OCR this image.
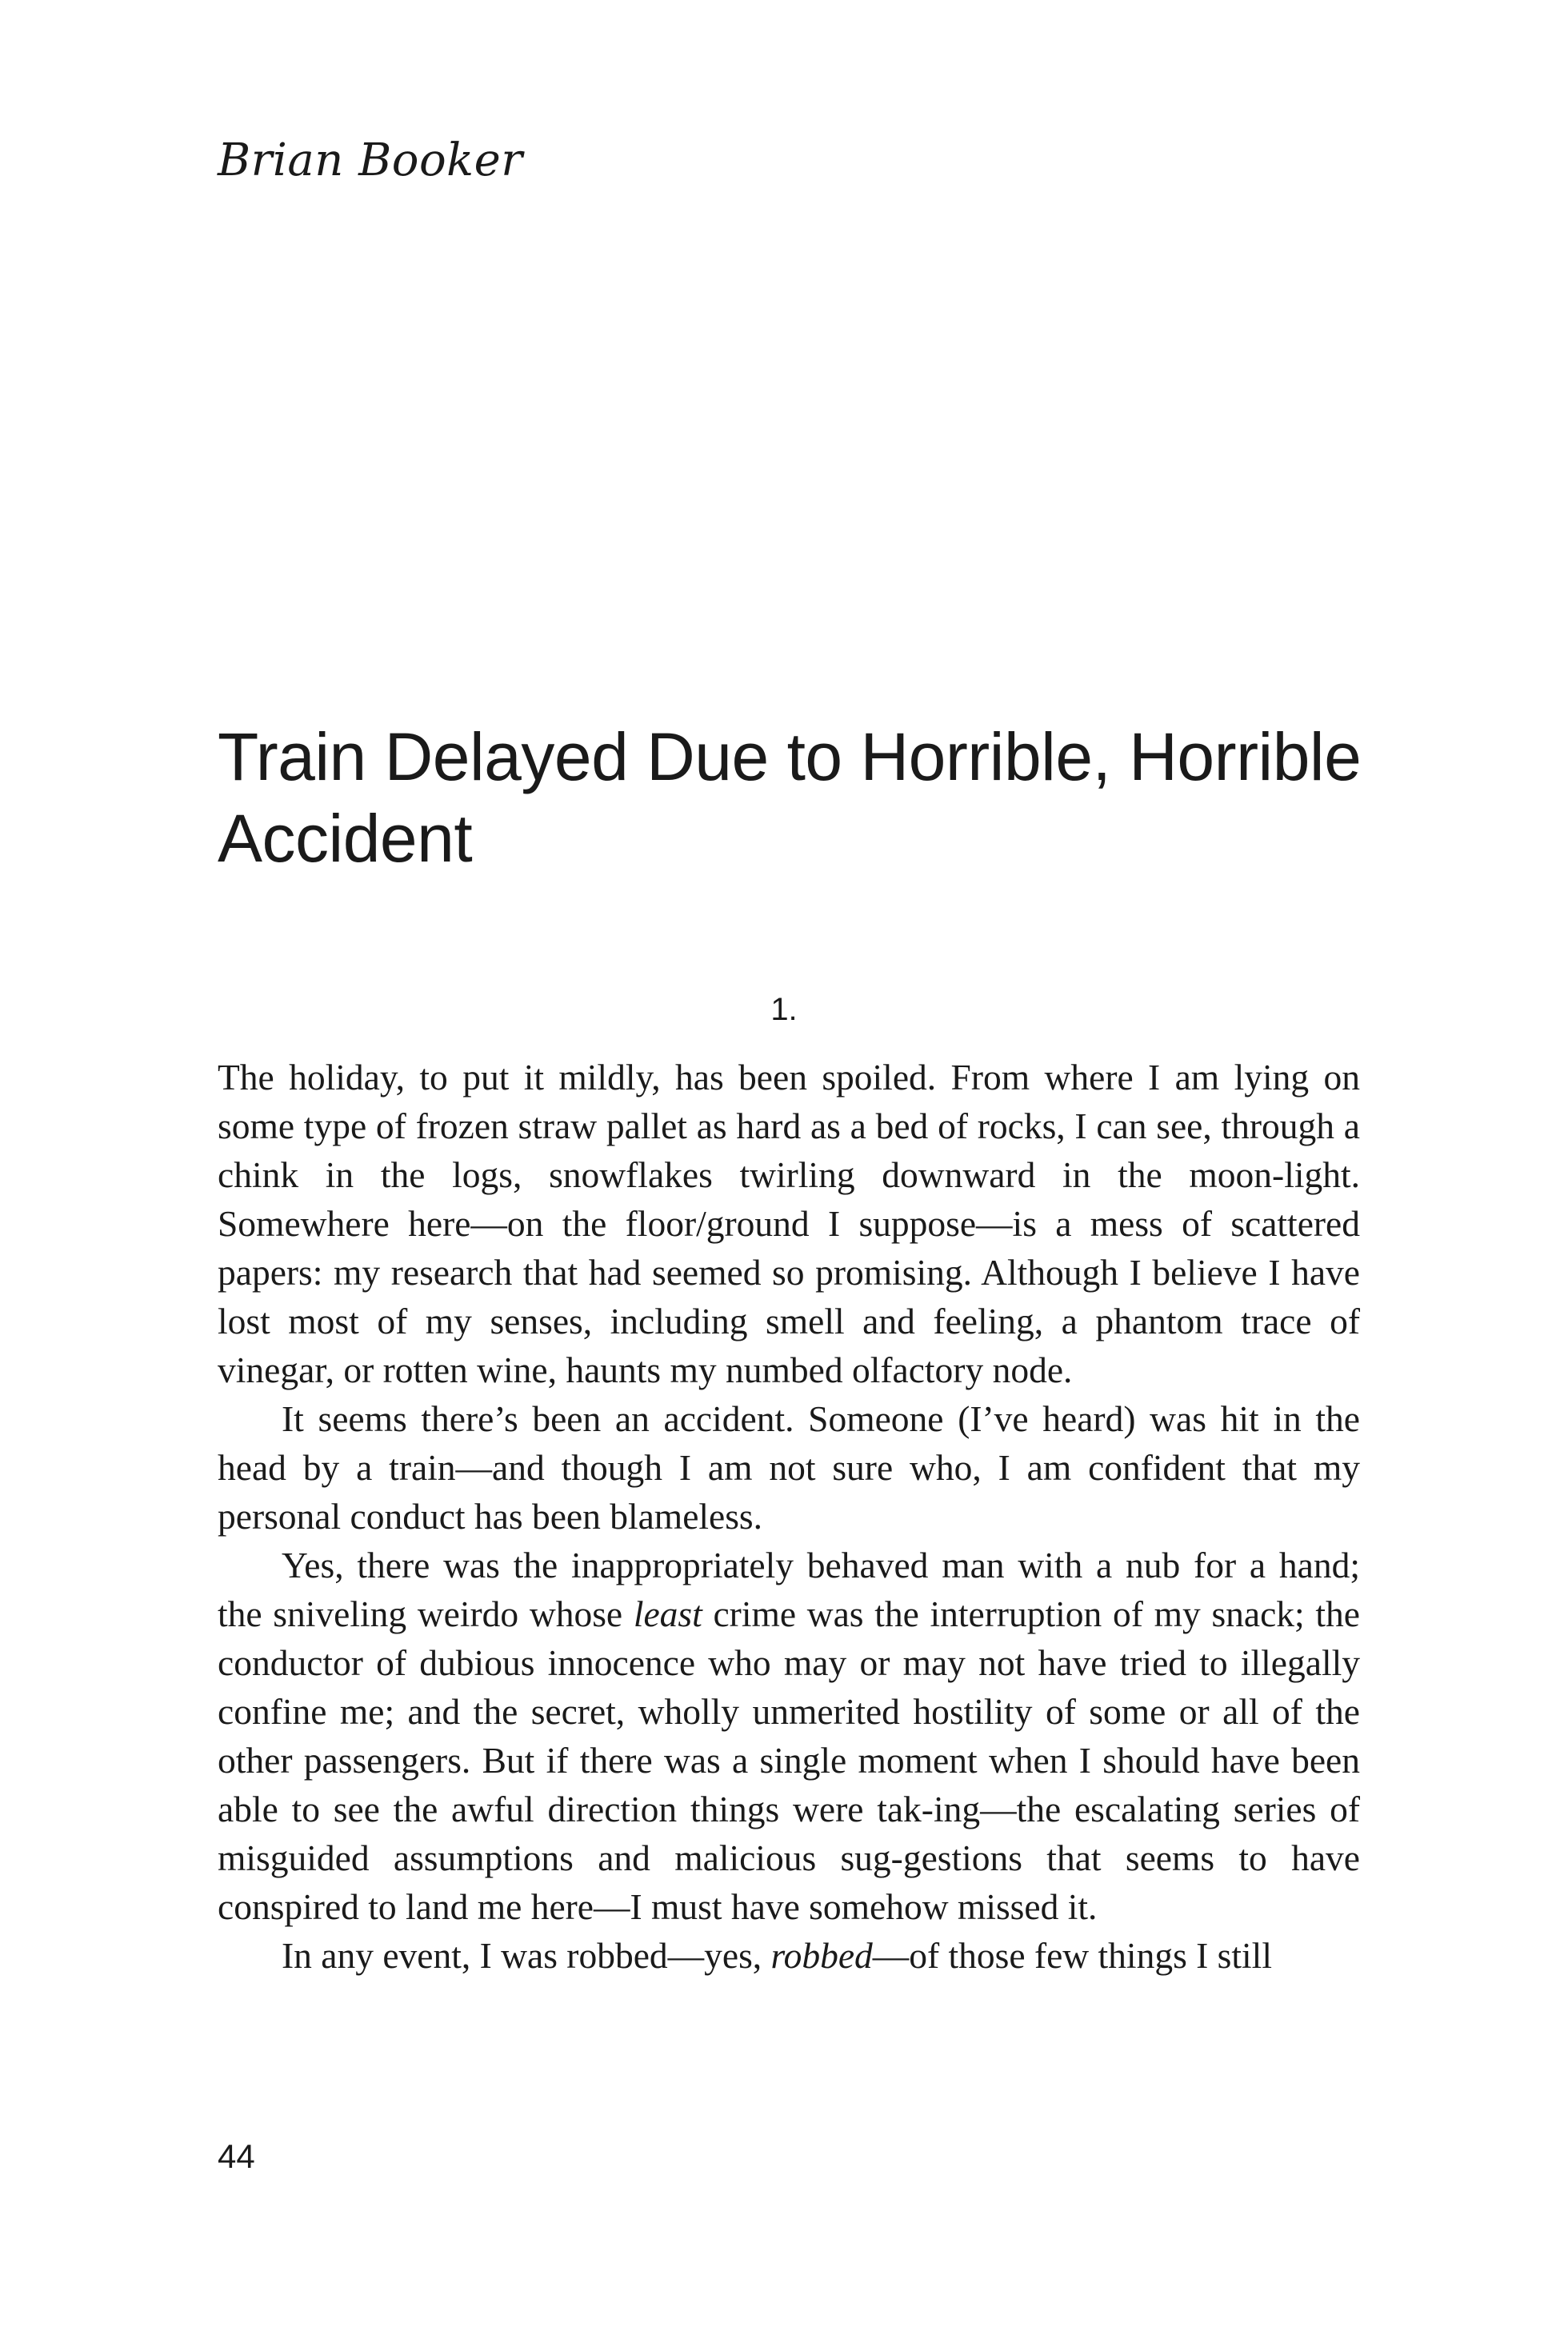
Brian Booker
Train Delayed Due to Horrible, Horrible Accident
1.

The holiday, to put it mildly, has been spoiled. From where I am lying on some type of frozen straw pallet as hard as a bed of rocks, I can see, through a chink in the logs, snowflakes twirling downward in the moon-light. Somewhere here—on the floor/ground I suppose—is a mess of scattered papers: my research that had seemed so promising. Although I believe I have lost most of my senses, including smell and feeling, a phantom trace of vinegar, or rotten wine, haunts my numbed olfactory node.

It seems there’s been an accident. Someone (I’ve heard) was hit in the head by a train—and though I am not sure who, I am confident that my personal conduct has been blameless.

Yes, there was the inappropriately behaved man with a nub for a hand; the sniveling weirdo whose least crime was the interruption of my snack; the conductor of dubious innocence who may or may not have tried to illegally confine me; and the secret, wholly unmerited hostility of some or all of the other passengers. But if there was a single moment when I should have been able to see the awful direction things were tak-ing—the escalating series of misguided assumptions and malicious sug-gestions that seems to have conspired to land me here—I must have somehow missed it.

In any event, I was robbed—yes, robbed—of those few things I still

44
